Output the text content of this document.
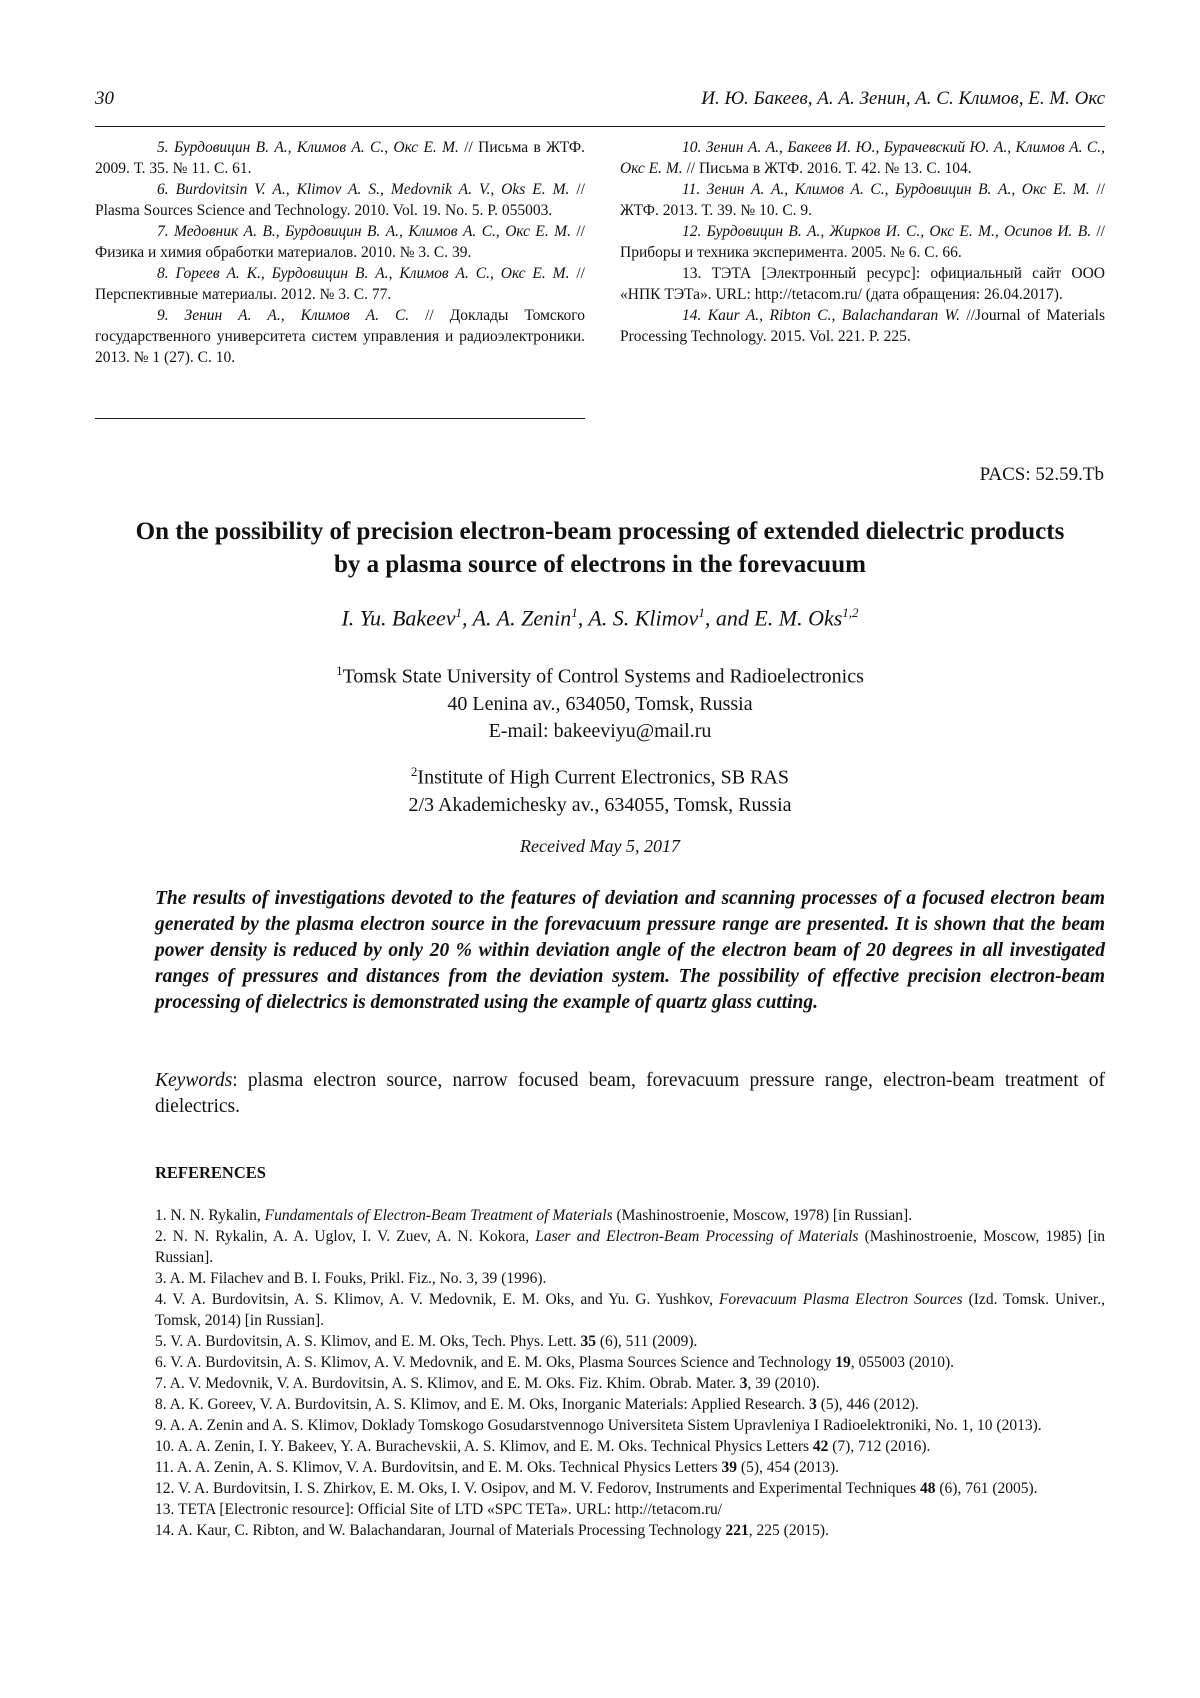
30	И. Ю. Бакеев, А. А. Зенин, А. С. Климов, Е. М. Окс

5. Бурдовицин В. А., Климов А. С., Окс Е. М. // Письма в ЖТФ. 2009. Т. 35. № 11. С. 61.

6. Burdovitsin V. A., Klimov A. S., Medovnik A. V., Oks E. M. // Plasma Sources Science and Technology. 2010. Vol. 19. No. 5. P. 055003.

7. Медовник А. В., Бурдовицин В. А., Климов А. С., Окс Е. М. // Физика и химия обработки материалов. 2010. № 3. С. 39.

8. Гореев А. К., Бурдовицин В. А., Климов А. С., Окс Е. М. // Перспективные материалы. 2012. № 3. С. 77.

9. Зенин А. А., Климов А. С. // Доклады Томского государственного университета систем управления и радиоэлектроники. 2013. № 1 (27). С. 10.

10. Зенин А. А., Бакеев И. Ю., Бурачевский Ю. А., Климов А. С., Окс Е. М. // Письма в ЖТФ. 2016. Т. 42. № 13. С. 104.

11. Зенин А. А., Климов А. С., Бурдовицин В. А., Окс Е. М. // ЖТФ. 2013. Т. 39. № 10. С. 9.

12. Бурдовицин В. А., Жирков И. С., Окс Е. М., Осипов И. В. // Приборы и техника эксперимента. 2005. № 6. С. 66.

13. ТЭТА [Электронный ресурс]: официальный сайт ООО «НПК ТЭТа». URL: http://tetacom.ru/ (дата обращения: 26.04.2017).

14. Kaur A., Ribton C., Balachandaran W. //Journal of Materials Processing Technology. 2015. Vol. 221. P. 225.

PACS: 52.59.Tb
On the possibility of precision electron-beam processing of extended dielectric products by a plasma source of electrons in the forevacuum
I. Yu. Bakeev$^1$, A. A. Zenin$^1$, A. S. Klimov$^1$, and E. M. Oks$^{1,2}$
$^1$Tomsk State University of Control Systems and Radioelectronics
40 Lenina av., 634050, Tomsk, Russia
E-mail: bakeeviyu@mail.ru
$^2$Institute of High Current Electronics, SB RAS
2/3 Akademichesky av., 634055, Tomsk, Russia
Received May 5, 2017

The results of investigations devoted to the features of deviation and scanning processes of a focused electron beam generated by the plasma electron source in the forevacuum pressure range are presented. It is shown that the beam power density is reduced by only 20 % within deviation angle of the electron beam of 20 degrees in all investigated ranges of pressures and distances from the deviation system. The possibility of effective precision electron-beam processing of dielectrics is demonstrated using the example of quartz glass cutting.

Keywords: plasma electron source, narrow focused beam, forevacuum pressure range, electron-beam treatment of dielectrics.

REFERENCES

1. N. N. Rykalin, Fundamentals of Electron-Beam Treatment of Materials (Mashinostroenie, Moscow, 1978) [in Russian].

2. N. N. Rykalin, A. A. Uglov, I. V. Zuev, A. N. Kokora, Laser and Electron-Beam Processing of Materials (Mashinostroenie, Moscow, 1985) [in Russian].

3. A. M. Filachev and B. I. Fouks, Prikl. Fiz., No. 3, 39 (1996).

4. V. A. Burdovitsin, A. S. Klimov, A. V. Medovnik, E. M. Oks, and Yu. G. Yushkov, Forevacuum Plasma Electron Sources (Izd. Tomsk. Univer., Tomsk, 2014) [in Russian].

5. V. A. Burdovitsin, A. S. Klimov, and E. M. Oks, Tech. Phys. Lett. 35 (6), 511 (2009).

6. V. A. Burdovitsin, A. S. Klimov, A. V. Medovnik, and E. M. Oks, Plasma Sources Science and Technology 19, 055003 (2010).

7. A. V. Medovnik, V. A. Burdovitsin, A. S. Klimov, and E. M. Oks. Fiz. Khim. Obrab. Mater. 3, 39 (2010).

8. A. K. Goreev, V. A. Burdovitsin, A. S. Klimov, and E. M. Oks, Inorganic Materials: Applied Research. 3 (5), 446 (2012).

9. A. A. Zenin and A. S. Klimov, Doklady Tomskogo Gosudarstvennogo Universiteta Sistem Upravleniya I Radioelektroniki, No. 1, 10 (2013).

10. A. A. Zenin, I. Y. Bakeev, Y. A. Burachevskii, A. S. Klimov, and E. M. Oks. Technical Physics Letters 42 (7), 712 (2016).

11. A. A. Zenin, A. S. Klimov, V. A. Burdovitsin, and E. M. Oks. Technical Physics Letters 39 (5), 454 (2013).

12. V. A. Burdovitsin, I. S. Zhirkov, E. M. Oks, I. V. Osipov, and M. V. Fedorov, Instruments and Experimental Techniques 48 (6), 761 (2005).

13. TETA [Electronic resource]: Official Site of LTD «SPC TETa». URL: http://tetacom.ru/

14. A. Kaur, C. Ribton, and W. Balachandaran, Journal of Materials Processing Technology 221, 225 (2015).
